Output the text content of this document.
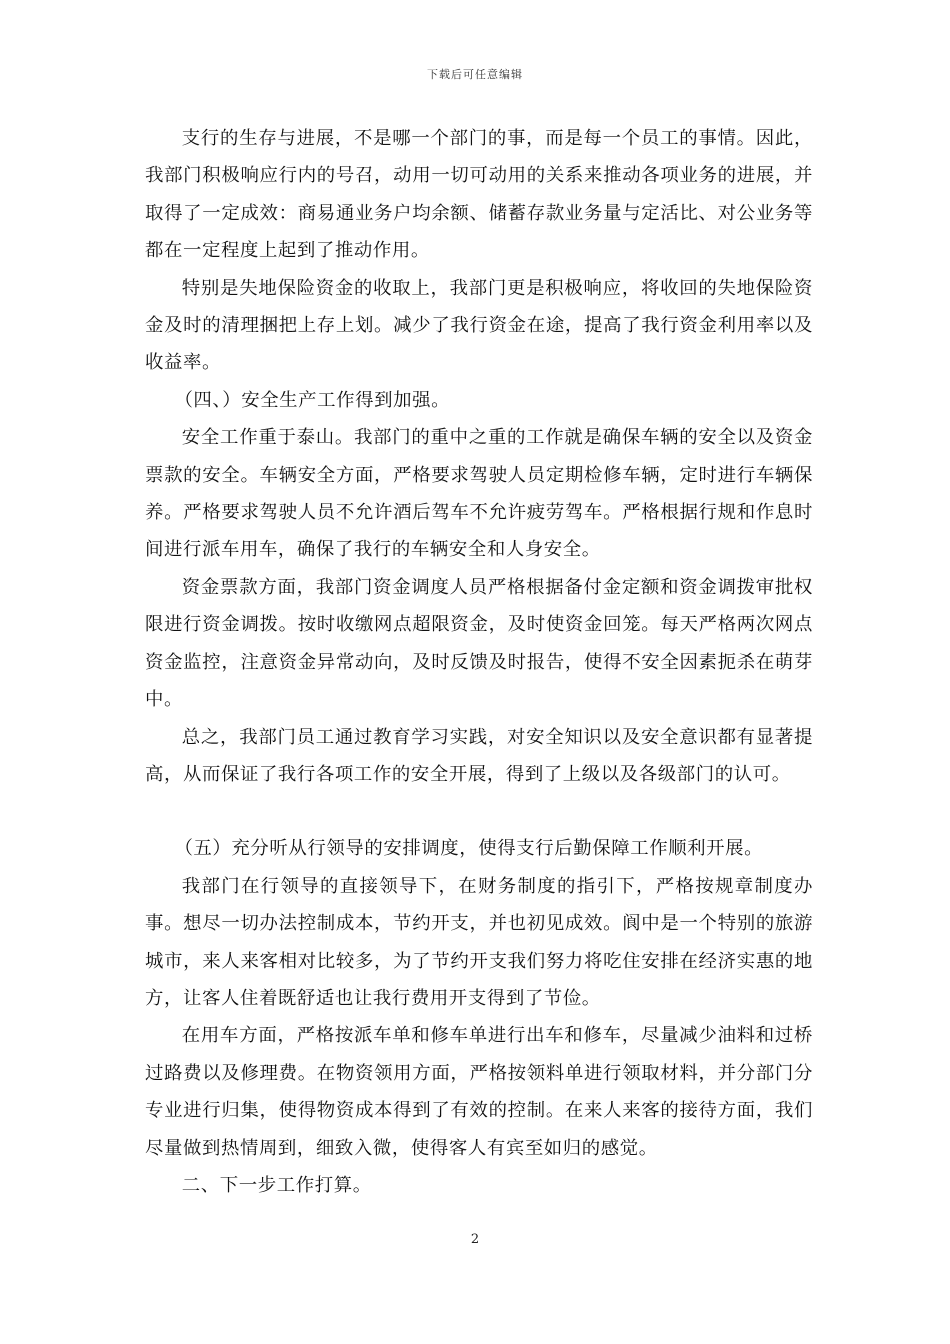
下载后可任意编辑

支行的生存与进展，不是哪一个部门的事，而是每一个员工的事情。因此，我部门积极响应行内的号召，动用一切可动用的关系来推动各项业务的进展，并取得了一定成效：商易通业务户均余额、储蓄存款业务量与定活比、对公业务等都在一定程度上起到了推动作用。

特别是失地保险资金的收取上，我部门更是积极响应，将收回的失地保险资金及时的清理捆把上存上划。减少了我行资金在途，提高了我行资金利用率以及收益率。

（四、）安全生产工作得到加强。

安全工作重于泰山。我部门的重中之重的工作就是确保车辆的安全以及资金票款的安全。车辆安全方面，严格要求驾驶人员定期检修车辆，定时进行车辆保养。严格要求驾驶人员不允许酒后驾车不允许疲劳驾车。严格根据行规和作息时间进行派车用车，确保了我行的车辆安全和人身安全。

资金票款方面，我部门资金调度人员严格根据备付金定额和资金调拨审批权限进行资金调拨。按时收缴网点超限资金，及时使资金回笼。每天严格两次网点资金监控，注意资金异常动向，及时反馈及时报告，使得不安全因素扼杀在萌芽中。

总之，我部门员工通过教育学习实践，对安全知识以及安全意识都有显著提高，从而保证了我行各项工作的安全开展，得到了上级以及各级部门的认可。

（五）充分听从行领导的安排调度，使得支行后勤保障工作顺利开展。

我部门在行领导的直接领导下，在财务制度的指引下，严格按规章制度办事。想尽一切办法控制成本，节约开支，并也初见成效。阆中是一个特别的旅游城市，来人来客相对比较多，为了节约开支我们努力将吃住安排在经济实惠的地方，让客人住着既舒适也让我行费用开支得到了节俭。

在用车方面，严格按派车单和修车单进行出车和修车，尽量减少油料和过桥过路费以及修理费。在物资领用方面，严格按领料单进行领取材料，并分部门分专业进行归集，使得物资成本得到了有效的控制。在来人来客的接待方面，我们尽量做到热情周到，细致入微，使得客人有宾至如归的感觉。

二、下一步工作打算。

2
